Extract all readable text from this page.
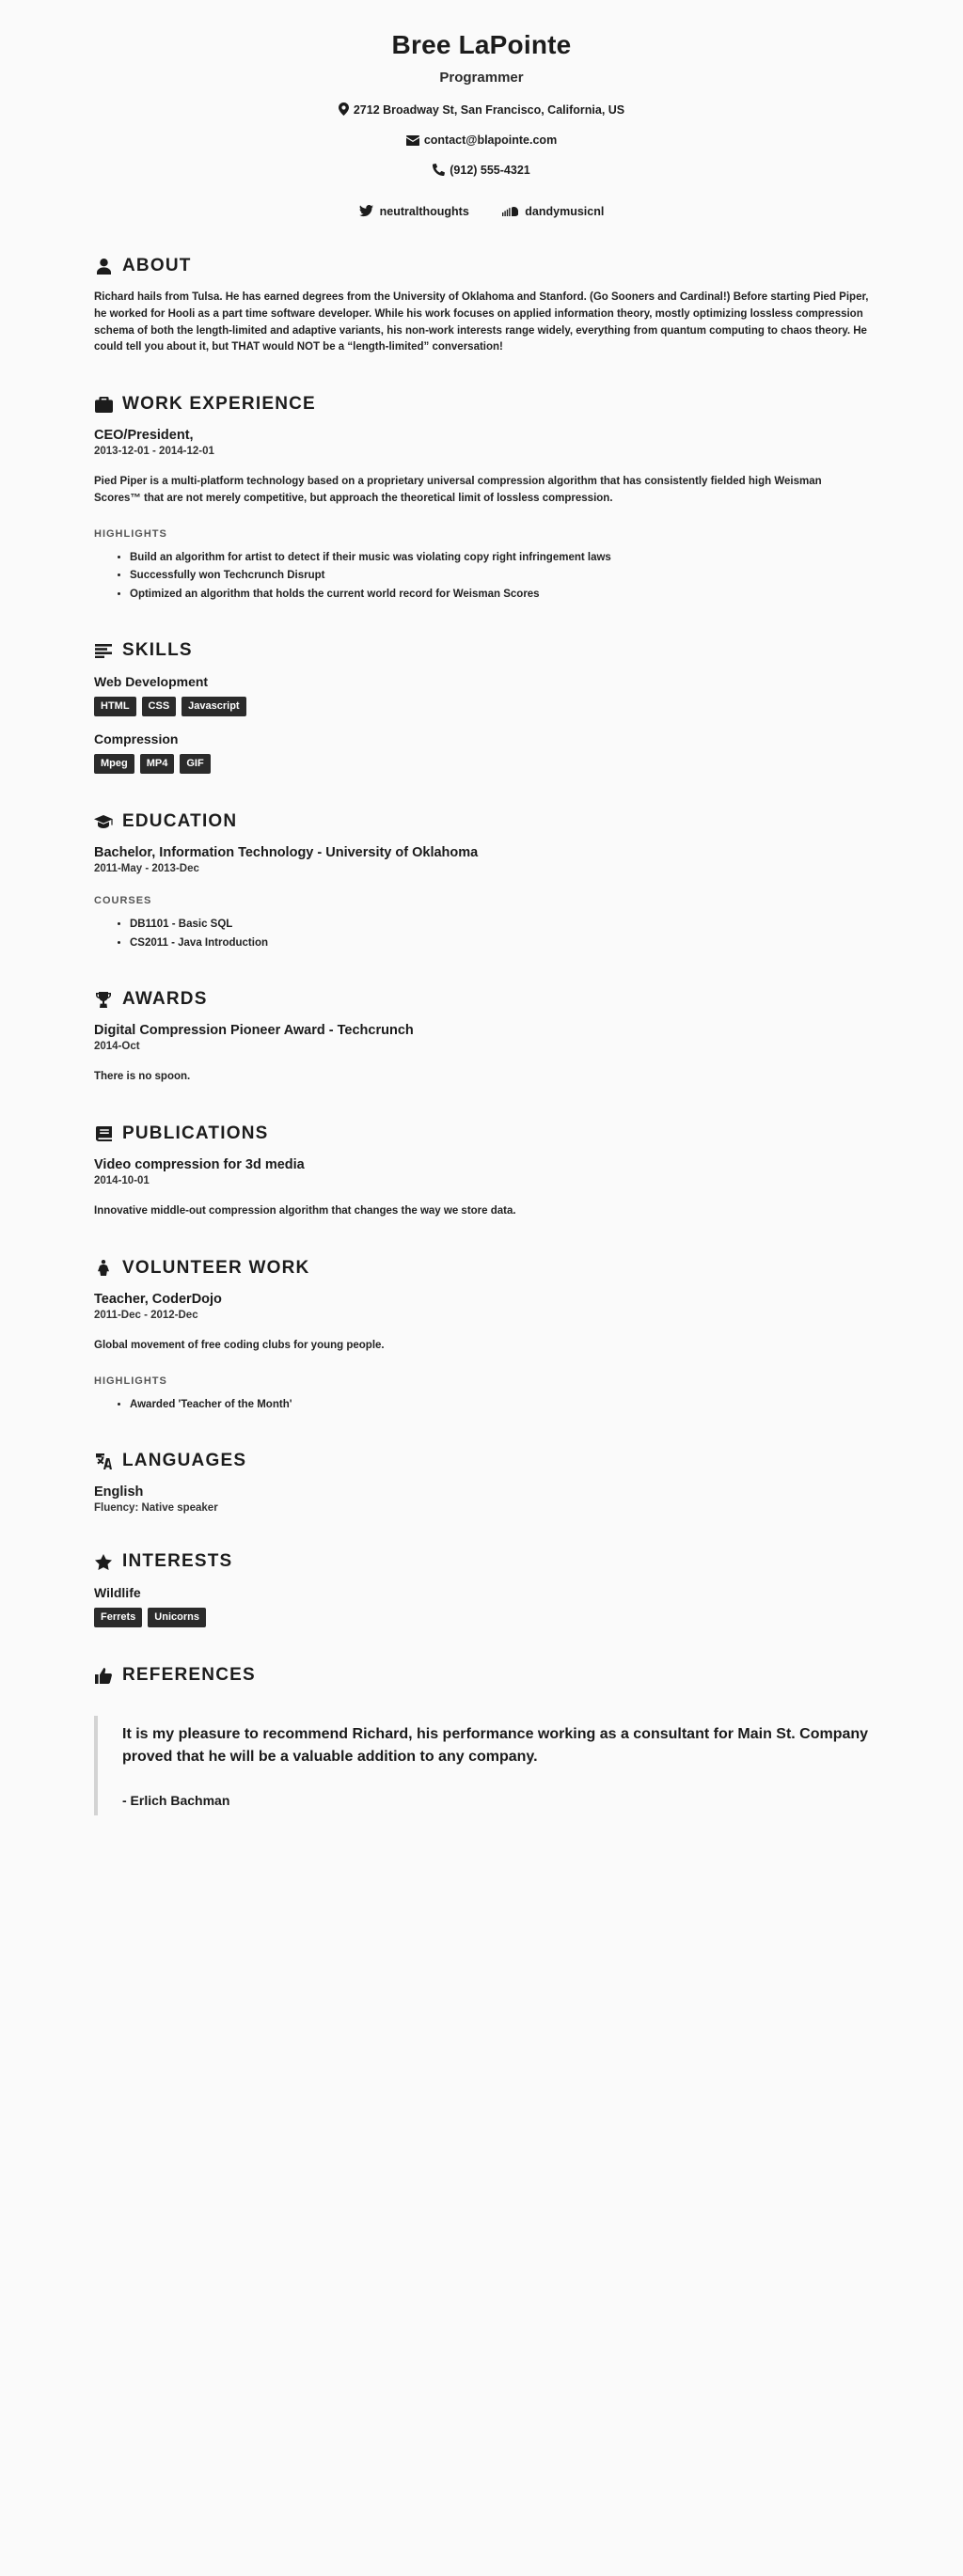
Bree LaPointe
Programmer
2712 Broadway St, San Francisco, California, US
contact@blapointe.com
(912) 555-4321
neutralthoughts	dandymusicnl
ABOUT

Richard hails from Tulsa. He has earned degrees from the University of Oklahoma and Stanford. (Go Sooners and Cardinal!) Before starting Pied Piper, he worked for Hooli as a part time software developer. While his work focuses on applied information theory, mostly optimizing lossless compression schema of both the length-limited and adaptive variants, his non-work interests range widely, everything from quantum computing to chaos theory. He could tell you about it, but THAT would NOT be a “length-limited” conversation!

WORK EXPERIENCE

CEO/President,

2013-12-01 - 2014-12-01

Pied Piper is a multi-platform technology based on a proprietary universal compression algorithm that has consistently fielded high Weisman Scores™ that are not merely competitive, but approach the theoretical limit of lossless compression.

HIGHLIGHTS

• Build an algorithm for artist to detect if their music was violating copy right infringement laws
• Successfully won Techcrunch Disrupt
• Optimized an algorithm that holds the current world record for Weisman Scores
SKILLS

Web Development

HTML	CSS	Javascript

Compression

Mpeg	MP4	GIF
EDUCATION

Bachelor, Information Technology - University of Oklahoma

2011-May - 2013-Dec

COURSES

• DB1101 - Basic SQL
• CS2011 - Java Introduction
AWARDS

Digital Compression Pioneer Award - Techcrunch

2014-Oct

There is no spoon.

PUBLICATIONS

Video compression for 3d media

2014-10-01

Innovative middle-out compression algorithm that changes the way we store data.

VOLUNTEER WORK

Teacher, CoderDojo

2011-Dec - 2012-Dec

Global movement of free coding clubs for young people.

HIGHLIGHTS

• Awarded 'Teacher of the Month'
LANGUAGES

English

Fluency: Native speaker

INTERESTS

Wildlife

Ferrets	Unicorns
REFERENCES

It is my pleasure to recommend Richard, his performance working as a consultant for Main St. Company proved that he will be a valuable addition to any company.

- Erlich Bachman
